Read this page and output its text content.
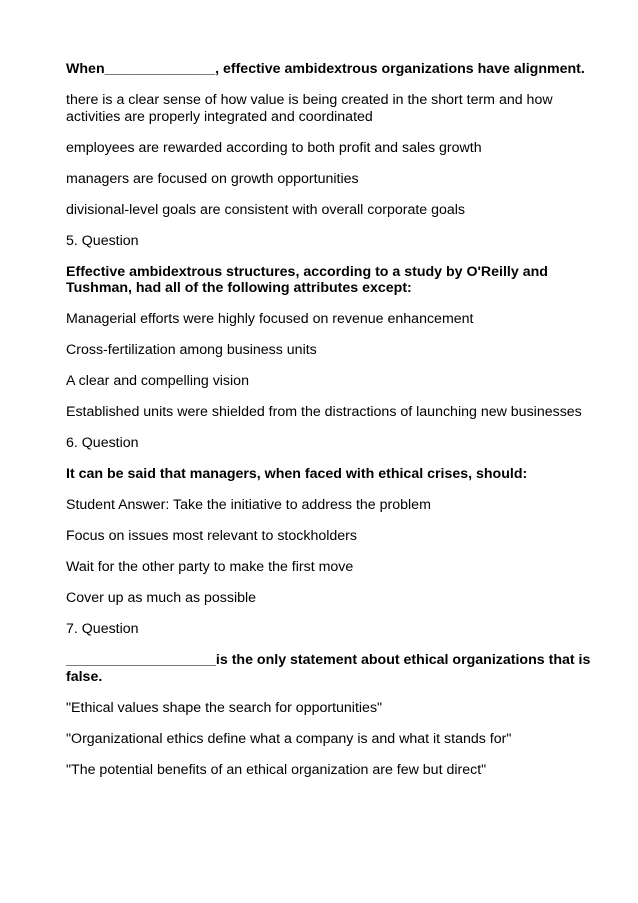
When______________, effective ambidextrous organizations have alignment.

there is a clear sense of how value is being created in the short term and how activities are properly integrated and coordinated

employees are rewarded according to both profit and sales growth

managers are focused on growth opportunities

divisional-level goals are consistent with overall corporate goals

5. Question

Effective ambidextrous structures, according to a study by O'Reilly and Tushman, had all of the following attributes except:

Managerial efforts were highly focused on revenue enhancement

Cross-fertilization among business units

A clear and compelling vision

Established units were shielded from the distractions of launching new businesses

6. Question

It can be said that managers, when faced with ethical crises, should:

Student Answer: Take the initiative to address the problem

Focus on issues most relevant to stockholders

Wait for the other party to make the first move

Cover up as much as possible

7. Question

___________________is the only statement about ethical organizations that is false.

"Ethical values shape the search for opportunities"

"Organizational ethics define what a company is and what it stands for"

"The potential benefits of an ethical organization are few but direct"
